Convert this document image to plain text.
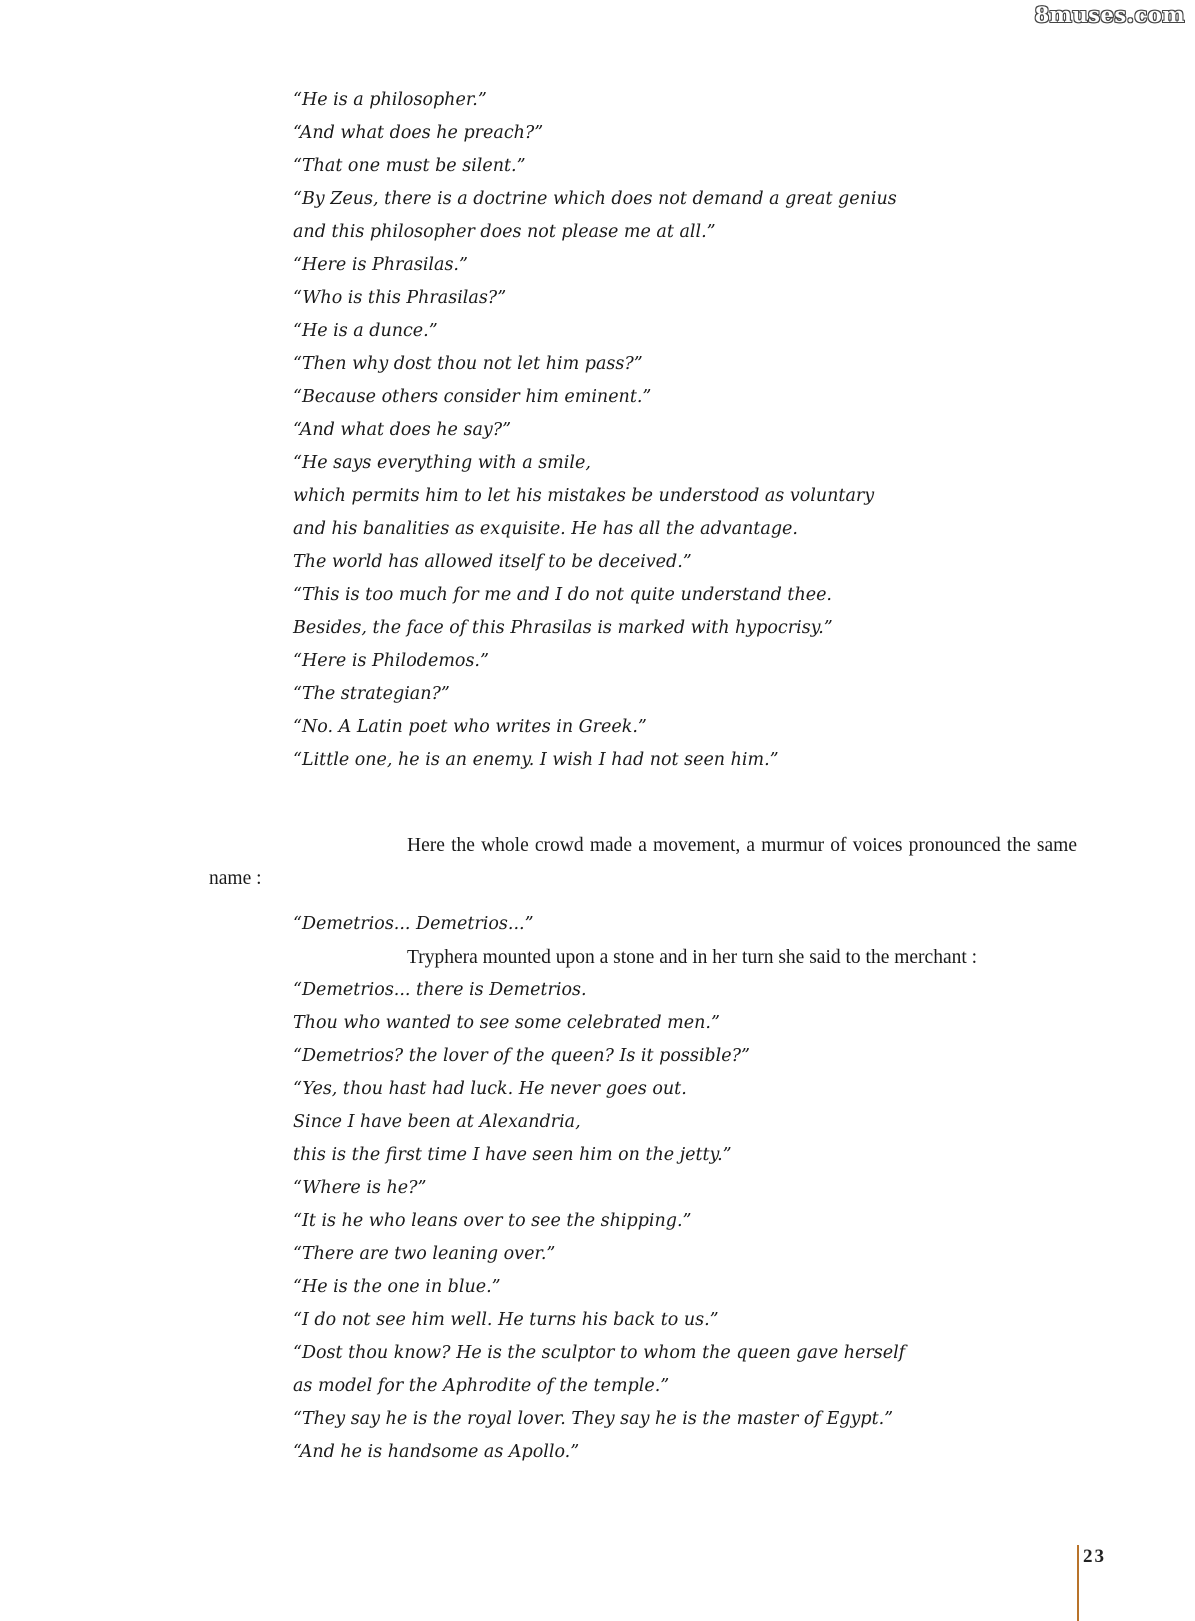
8muses.com
“He is a philosopher.”
“And what does he preach?”
“That one must be silent.”
“By Zeus, there is a doctrine which does not demand a great genius
and this philosopher does not please me at all.”
“Here is Phrasilas.”
“Who is this Phrasilas?”
“He is a dunce.”
“Then why dost thou not let him pass?”
“Because others consider him eminent.”
“And what does he say?”
“He says everything with a smile,
which permits him to let his mistakes be understood as voluntary
and his banalities as exquisite. He has all the advantage.
The world has allowed itself to be deceived.”
“This is too much for me and I do not quite understand thee.
Besides, the face of this Phrasilas is marked with hypocrisy.”
“Here is Philodemos.”
“The strategian?”
“No. A Latin poet who writes in Greek.”
“Little one, he is an enemy. I wish I had not seen him.”

Here the whole crowd made a movement, a murmur of voices pronounced the same name :

“Demetrios... Demetrios...”
Tryphera mounted upon a stone and in her turn she said to the merchant :
“Demetrios... there is Demetrios.
Thou who wanted to see some celebrated men.”
“Demetrios? the lover of the queen? Is it possible?”
“Yes, thou hast had luck. He never goes out.
Since I have been at Alexandria,
this is the first time I have seen him on the jetty.”
“Where is he?”
“It is he who leans over to see the shipping.”
“There are two leaning over.”
“He is the one in blue.”
“I do not see him well. He turns his back to us.”
“Dost thou know? He is the sculptor to whom the queen gave herself
as model for the Aphrodite of the temple.”
“They say he is the royal lover. They say he is the master of Egypt.”
“And he is handsome as Apollo.”
23
